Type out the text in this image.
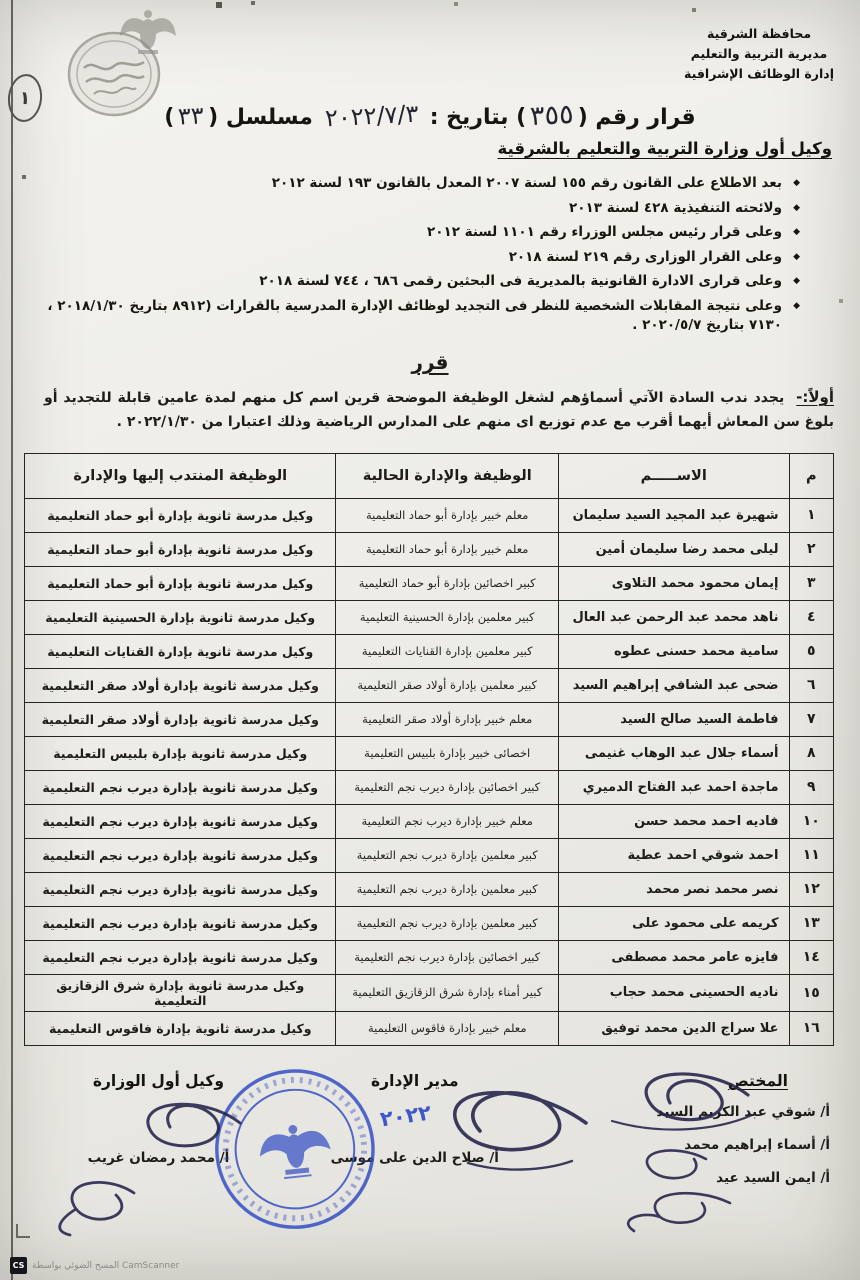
١
محافظة الشرقية
مديرية التربية والتعليم
إدارة الوظائف الإشرافية
قرار رقم (٣٥٥) بتاريخ : ٢٠٢٢/٧/٣ مسلسل (٣٣)
وكيل أول وزارة التربية والتعليم بالشرقية
◆
بعد الاطلاع على القانون رقم ١٥٥ لسنة ٢٠٠٧ المعدل بالقانون ١٩٣ لسنة ٢٠١٢
◆
ولائحته التنفيذية ٤٢٨ لسنة ٢٠١٣
◆
وعلى قرار رئيس مجلس الوزراء رقم ١١٠١ لسنة ٢٠١٢
◆
وعلى القرار الوزارى رقم ٢١٩ لسنة ٢٠١٨
◆
وعلى قرارى الادارة القانونية بالمديرية فى البحثين رقمى ٦٨٦ ، ٧٤٤ لسنة ٢٠١٨
◆
وعلى نتيجة المقابلات الشخصية للنظر فى التجديد لوظائف الإدارة المدرسية بالقرارات (٨٩١٢ بتاريخ ٢٠١٨/١/٣٠ ، ٧١٣٠ بتاريخ ٢٠٢٠/٥/٧ .
قرر

أولاً:- يجدد ندب السادة الآتي أسماؤهم لشغل الوظيفة الموضحة قرين اسم كل منهم لمدة عامين قابلة للتجديد أو بلوغ سن المعاش أيهما أقرب مع عدم توزيع اى منهم على المدارس الرياضية وذلك اعتبارا من ٢٠٢٢/١/٣٠ .

م	الاســـــم	الوظيفة والإدارة الحالية	الوظيفة المنتدب إليها والإدارة
١	شهيرة عبد المجيد السيد سليمان	معلم خبير بإدارة أبو حماد التعليمية	وكيل مدرسة ثانوية بإدارة أبو حماد التعليمية
٢	ليلى محمد رضا سليمان أمين	معلم خبير بإدارة أبو حماد التعليمية	وكيل مدرسة ثانوية بإدارة أبو حماد التعليمية
٣	إيمان محمود محمد التلاوى	كبير اخصائين بإدارة أبو حماد التعليمية	وكيل مدرسة ثانوية بإدارة أبو حماد التعليمية
٤	ناهد محمد عبد الرحمن عبد العال	كبير معلمين بإدارة الحسينية التعليمية	وكيل مدرسة ثانوية بإدارة الحسينية التعليمية
٥	سامية محمد حسنى عطوه	كبير معلمين بإدارة القنايات التعليمية	وكيل مدرسة ثانوية بإدارة القنايات التعليمية
٦	ضحى عبد الشافي إبراهيم السيد	كبير معلمين بإدارة أولاد صقر التعليمية	وكيل مدرسة ثانوية بإدارة أولاد صقر التعليمية
٧	فاطمة السيد صالح السيد	معلم خبير بإدارة أولاد صقر التعليمية	وكيل مدرسة ثانوية بإدارة أولاد صقر التعليمية
٨	أسماء جلال عبد الوهاب غنيمى	اخصائى خبير بإدارة بلبيس التعليمية	وكيل مدرسة ثانوية بإدارة بلبيس التعليمية
٩	ماجدة احمد عبد الفتاح الدميري	كبير اخصائين بإدارة ديرب نجم التعليمية	وكيل مدرسة ثانوية بإدارة ديرب نجم التعليمية
١٠	فاديه احمد محمد حسن	معلم خبير بإدارة ديرب نجم التعليمية	وكيل مدرسة ثانوية بإدارة ديرب نجم التعليمية
١١	احمد شوقي احمد عطية	كبير معلمين بإدارة ديرب نجم التعليمية	وكيل مدرسة ثانوية بإدارة ديرب نجم التعليمية
١٢	نصر محمد نصر محمد	كبير معلمين بإدارة ديرب نجم التعليمية	وكيل مدرسة ثانوية بإدارة ديرب نجم التعليمية
١٣	كريمه على محمود على	كبير معلمين بإدارة ديرب نجم التعليمية	وكيل مدرسة ثانوية بإدارة ديرب نجم التعليمية
١٤	فايزه عامر محمد مصطفى	كبير اخصائين بإدارة ديرب نجم التعليمية	وكيل مدرسة ثانوية بإدارة ديرب نجم التعليمية
١٥	ناديه الحسينى محمد حجاب	كبير أمناء بإدارة شرق الزقازيق التعليمية	وكيل مدرسة ثانوية بإدارة شرق الزقازيق التعليمية
١٦	علا سراج الدين محمد توفيق	معلم خبير بإدارة فاقوس التعليمية	وكيل مدرسة ثانوية بإدارة فاقوس التعليمية
المختص
أ/ شوقي عبد الكريم السيد
أ/ أسماء إبراهيم محمد
أ/ ايمن السيد عيد
مدير الإدارة
أ/ صلاح الدين على موسى
وكيل أول الوزارة
أ/ محمد رمضان غريب
٢٠٢٢
CS المسح الضوئي بواسطة CamScanner
